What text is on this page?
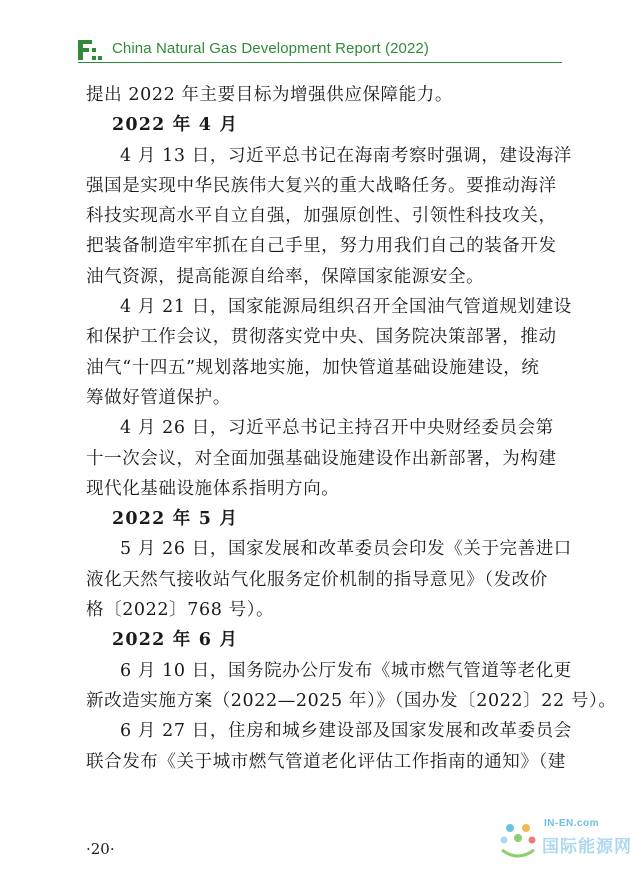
China Natural Gas Development Report (2022)
提出 2022 年主要目标为增强供应保障能力。
2022 年 4 月
4 月 13 日，习近平总书记在海南考察时强调，建设海洋
强国是实现中华民族伟大复兴的重大战略任务。要推动海洋
科技实现高水平自立自强，加强原创性、引领性科技攻关，
把装备制造牢牢抓在自己手里，努力用我们自己的装备开发
油气资源，提高能源自给率，保障国家能源安全。
4 月 21 日，国家能源局组织召开全国油气管道规划建设
和保护工作会议，贯彻落实党中央、国务院决策部署，推动
油气“十四五”规划落地实施，加快管道基础设施建设，统
筹做好管道保护。
4 月 26 日，习近平总书记主持召开中央财经委员会第
十一次会议，对全面加强基础设施建设作出新部署，为构建
现代化基础设施体系指明方向。
2022 年 5 月
5 月 26 日，国家发展和改革委员会印发《关于完善进口
液化天然气接收站气化服务定价机制的指导意见》（发改价
格〔2022〕768 号）。
2022 年 6 月
6 月 10 日，国务院办公厅发布《城市燃气管道等老化更
新改造实施方案（2022—2025 年）》（国办发〔2022〕22 号）。
6 月 27 日，住房和城乡建设部及国家发展和改革委员会
联合发布《关于城市燃气管道老化评估工作指南的通知》（建
·20·
IN-EN.com
国际能源网
